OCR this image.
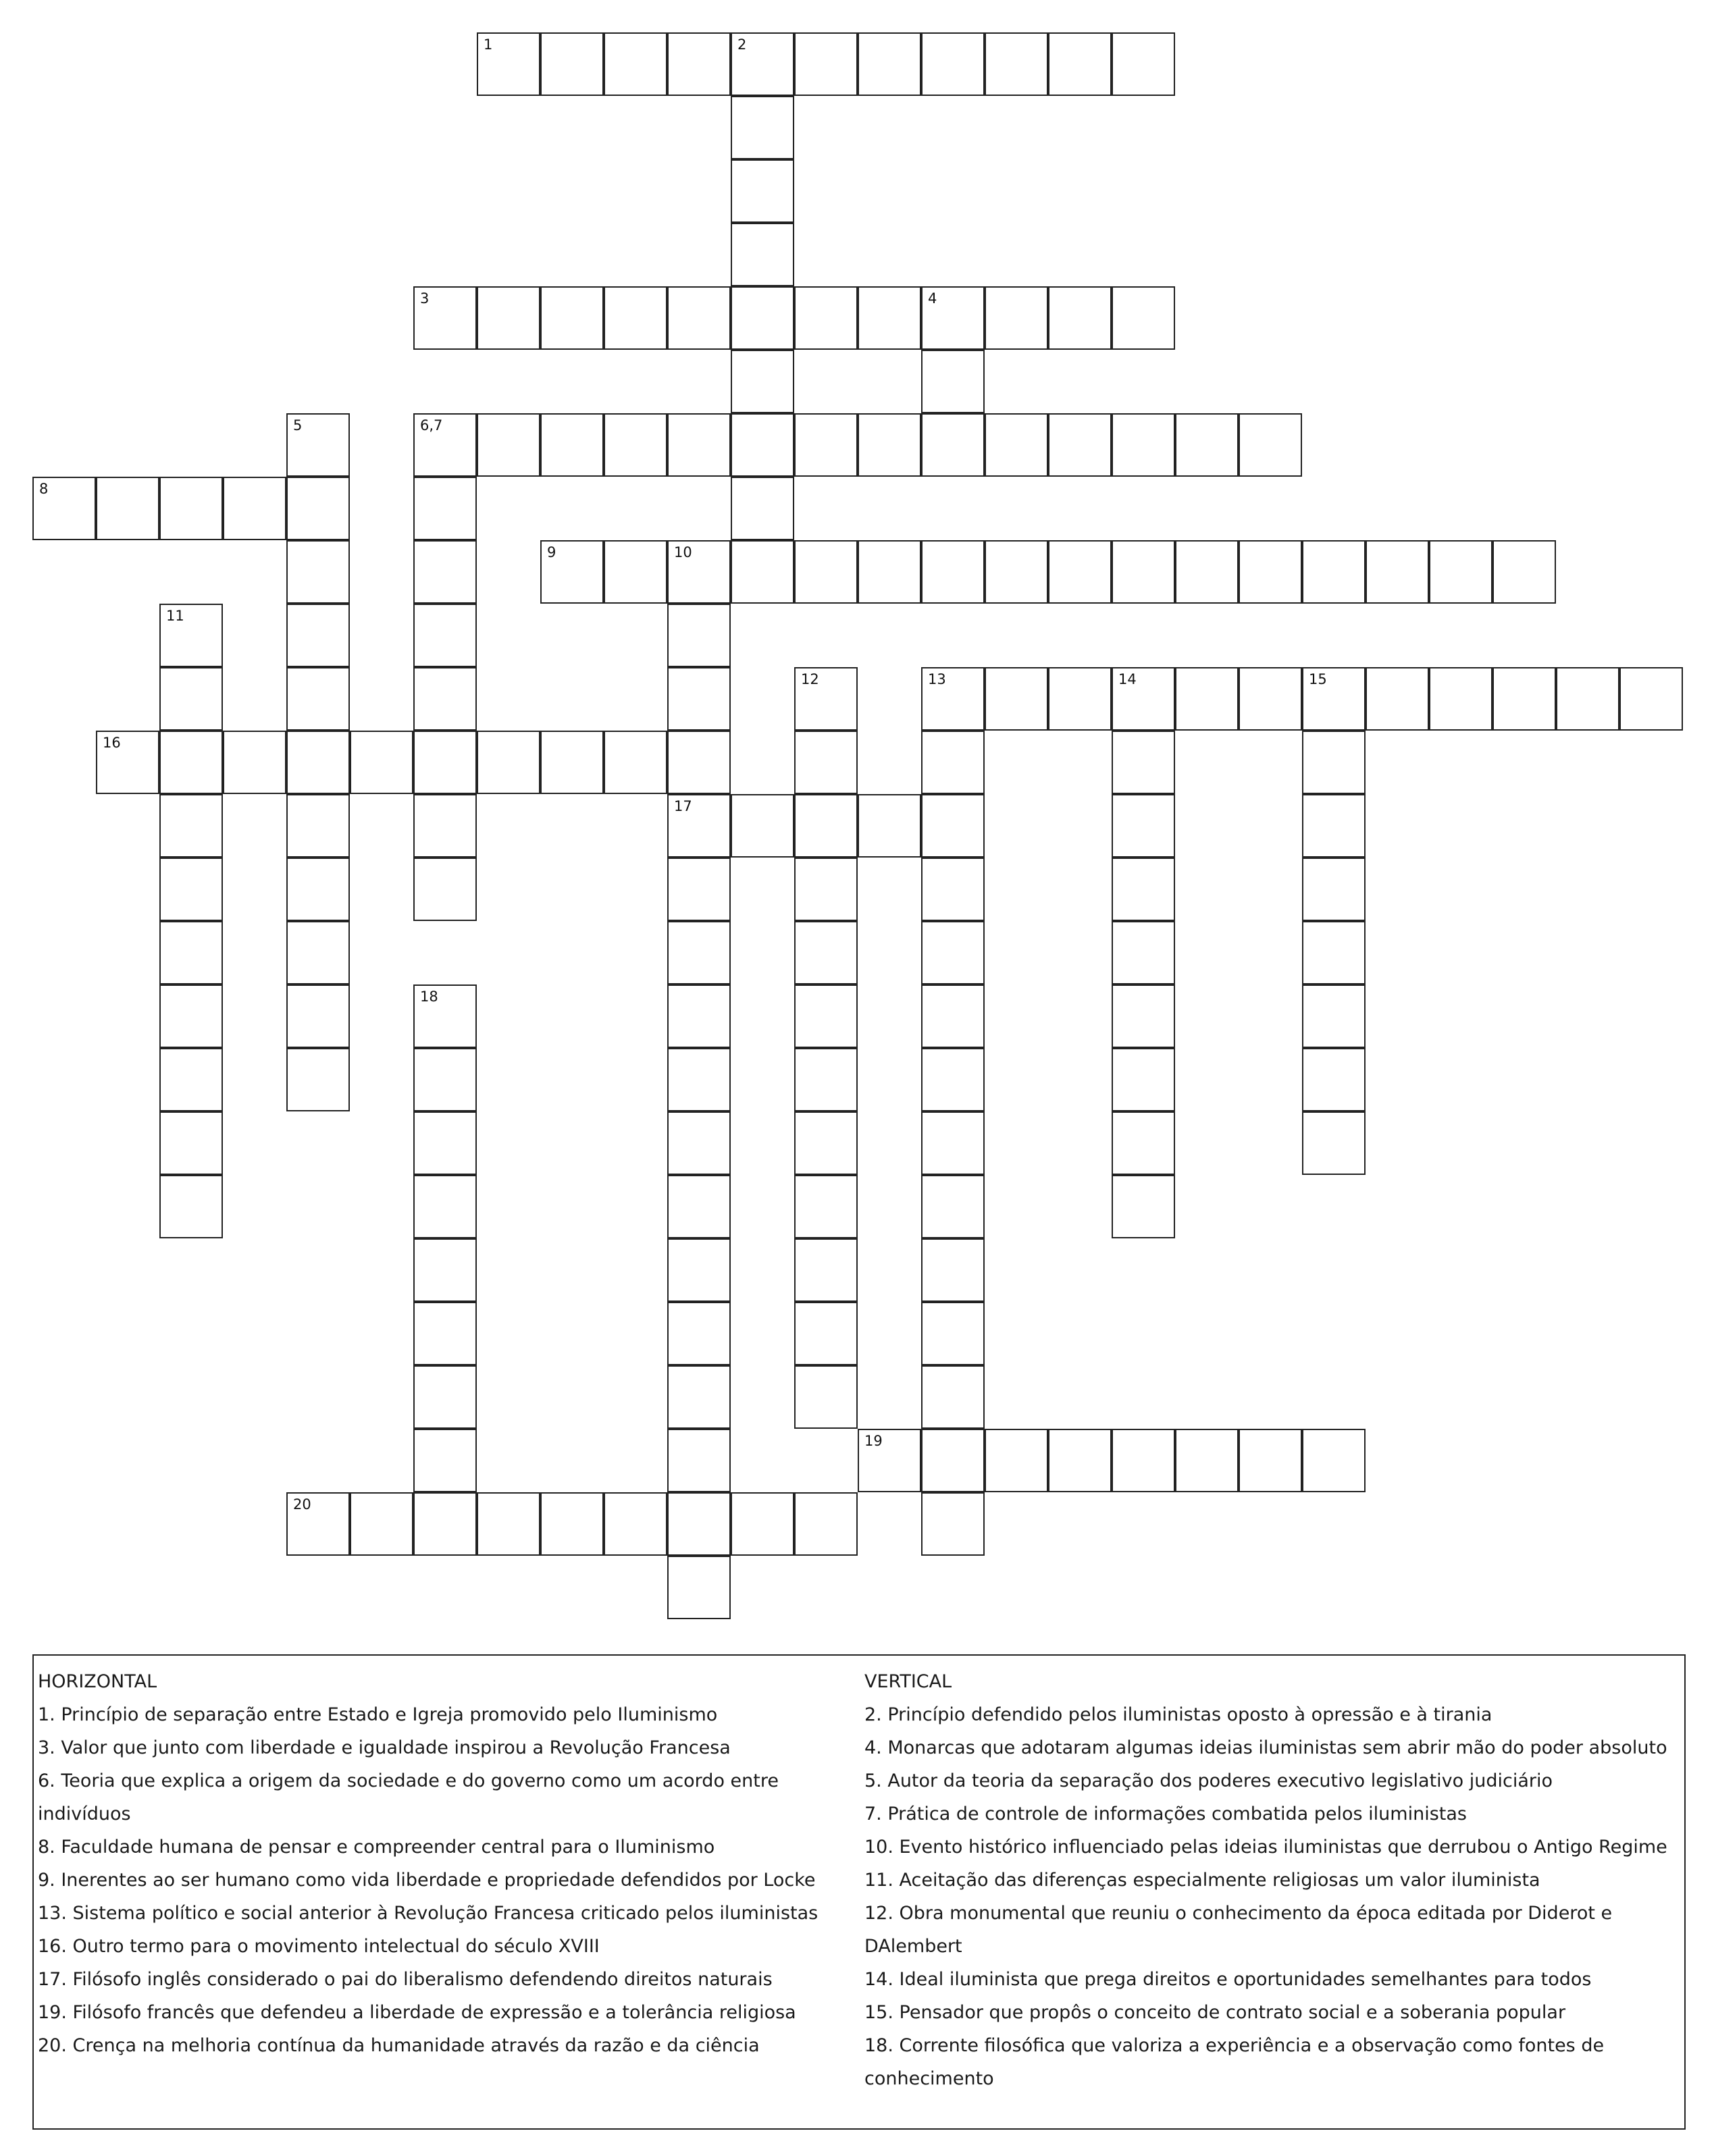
1	2
3	4
5	6,7
8
9	10
17
11
12	13	14	15
16
18
19
20
HORIZONTAL
1. Princípio de separação entre Estado e Igreja promovido pelo Iluminismo
3. Valor que junto com liberdade e igualdade inspirou a Revolução Francesa
6. Teoria que explica a origem da sociedade e do governo como um acordo entre indivíduos
8. Faculdade humana de pensar e compreender central para o Iluminismo
9. Inerentes ao ser humano como vida liberdade e propriedade defendidos por Locke
13. Sistema político e social anterior à Revolução Francesa criticado pelos iluministas
16. Outro termo para o movimento intelectual do século XVIII
17. Filósofo inglês considerado o pai do liberalismo defendendo direitos naturais
19. Filósofo francês que defendeu a liberdade de expressão e a tolerância religiosa
20. Crença na melhoria contínua da humanidade através da razão e da ciência
VERTICAL
2. Princípio defendido pelos iluministas oposto à opressão e à tirania
4. Monarcas que adotaram algumas ideias iluministas sem abrir mão do poder absoluto
5. Autor da teoria da separação dos poderes executivo legislativo judiciário
7. Prática de controle de informações combatida pelos iluministas
10. Evento histórico influenciado pelas ideias iluministas que derrubou o Antigo Regime
11. Aceitação das diferenças especialmente religiosas um valor iluminista
12. Obra monumental que reuniu o conhecimento da época editada por Diderot e DAlembert
14. Ideal iluminista que prega direitos e oportunidades semelhantes para todos
15. Pensador que propôs o conceito de contrato social e a soberania popular
18. Corrente filosófica que valoriza a experiência e a observação como fontes de conhecimento
